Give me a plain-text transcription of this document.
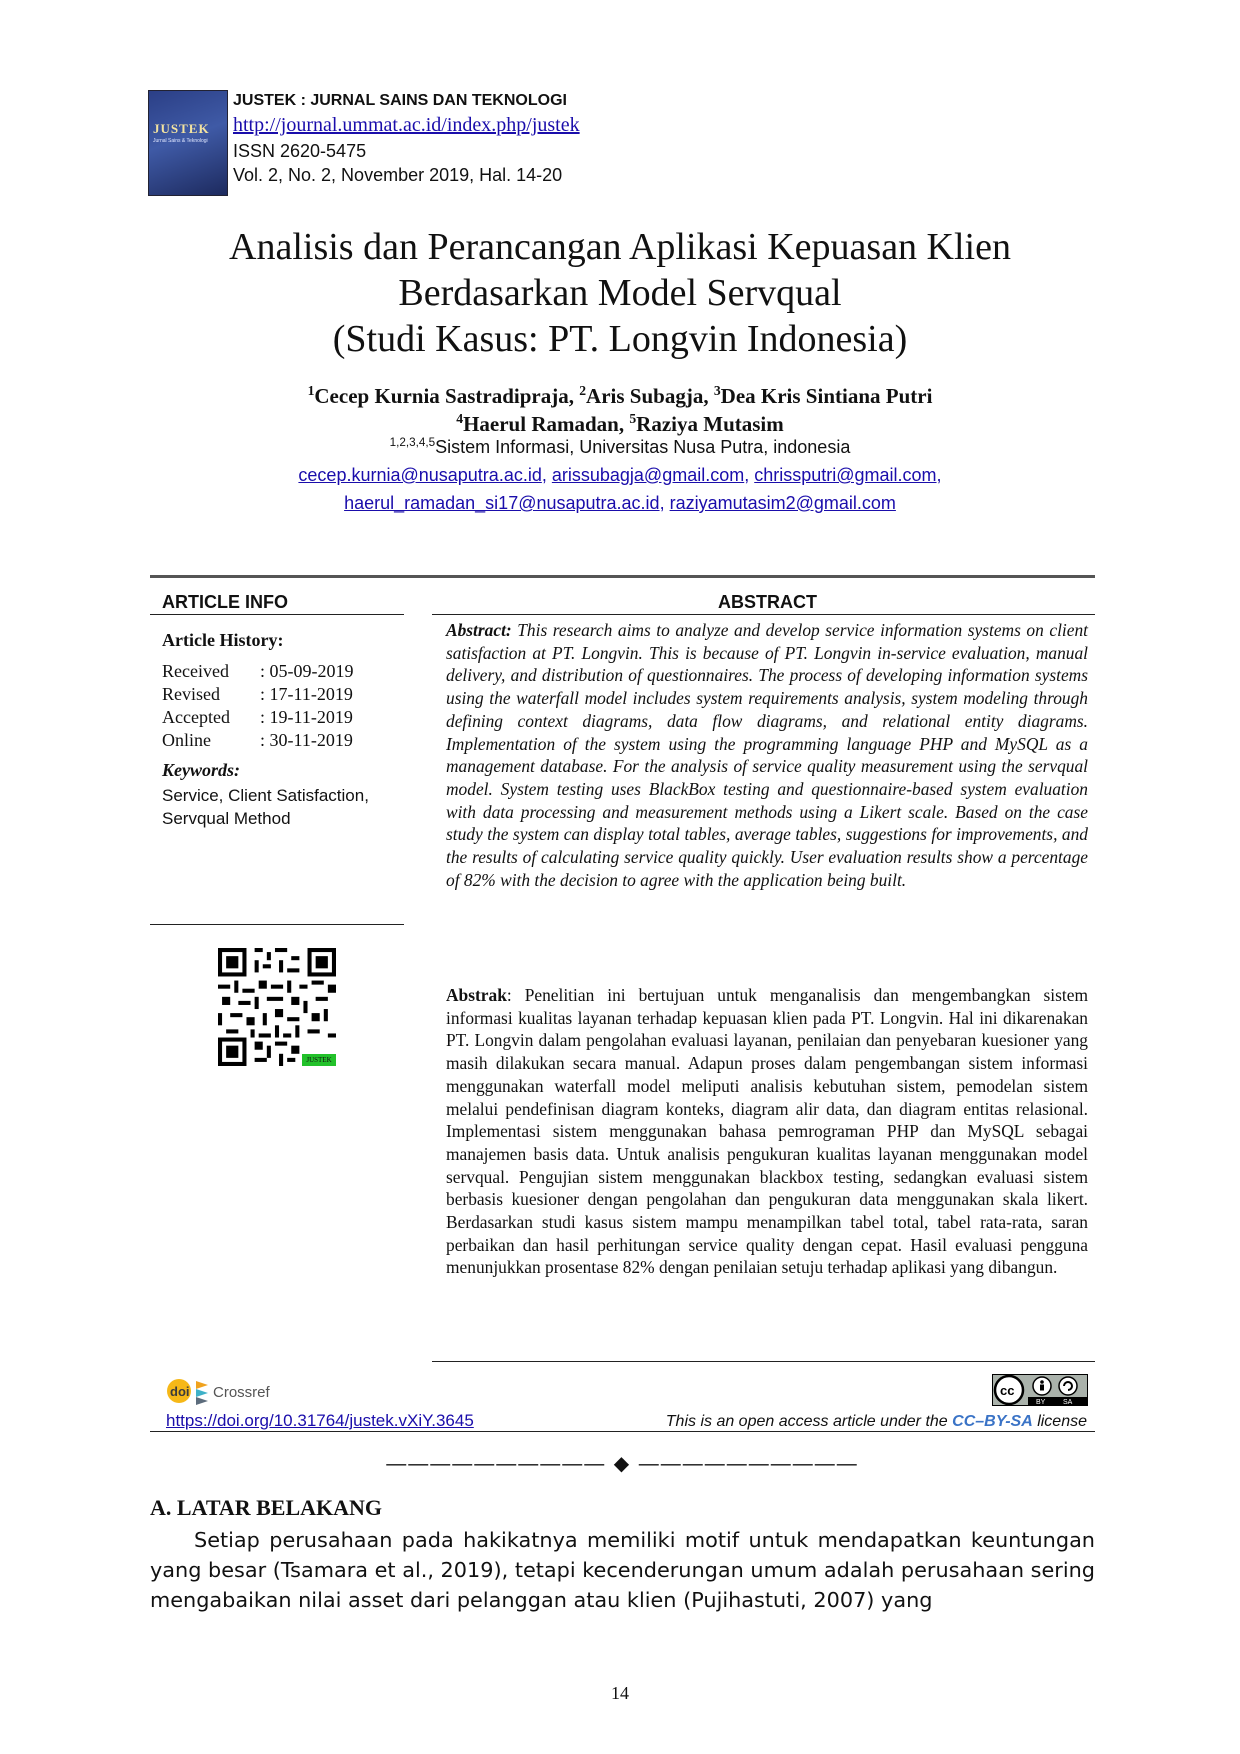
JUSTEK
Jurnal Sains & Teknologi
JUSTEK : JURNAL SAINS DAN TEKNOLOGI
http://journal.ummat.ac.id/index.php/justek
ISSN 2620-5475
Vol. 2, No. 2, November 2019, Hal. 14-20
Analisis dan Perancangan Aplikasi Kepuasan Klien
Berdasarkan Model Servqual
(Studi Kasus: PT. Longvin Indonesia)
$^1$Cecep Kurnia Sastradipraja, $^2$Aris Subagja, $^3$Dea Kris Sintiana Putri
$^4$Haerul Ramadan, $^5$Raziya Mutasim
$^{1,2,3,4,5}$Sistem Informasi, Universitas Nusa Putra, indonesia
cecep.kurnia@nusaputra.ac.id, arissubagja@gmail.com, chrissputri@gmail.com,
haerul_ramadan_si17@nusaputra.ac.id, raziyamutasim2@gmail.com
ARTICLE INFO
Article History:
Received : 05-09-2019
Revised : 17-11-2019
Accepted : 19-11-2019
Online	: 30-11-2019
Keywords:
Service, Client Satisfaction, Servqual Method
JUSTEK
ABSTRACT
Abstract: This research aims to analyze and develop service information systems on client satisfaction at PT. Longvin. This is because of PT. Longvin in-service evaluation, manual delivery, and distribution of questionnaires. The process of developing information systems using the waterfall model includes system requirements analysis, system modeling through defining context diagrams, data flow diagrams, and relational entity diagrams. Implementation of the system using the programming language PHP and MySQL as a management database. For the analysis of service quality measurement using the servqual model. System testing uses BlackBox testing and questionnaire-based system evaluation with data processing and measurement methods using a Likert scale. Based on the case study the system can display total tables, average tables, suggestions for improvements, and the results of calculating service quality quickly. User evaluation results show a percentage of 82% with the decision to agree with the application being built.
Abstrak: Penelitian ini bertujuan untuk menganalisis dan mengembangkan sistem informasi kualitas layanan terhadap kepuasan klien pada PT. Longvin. Hal ini dikarenakan PT. Longvin dalam pengolahan evaluasi layanan, penilaian dan penyebaran kuesioner yang masih dilakukan secara manual. Adapun proses dalam pengembangan sistem informasi menggunakan waterfall model meliputi analisis kebutuhan sistem, pemodelan sistem melalui pendefinisan diagram konteks, diagram alir data, dan diagram entitas relasional. Implementasi sistem menggunakan bahasa pemrograman PHP dan MySQL sebagai manajemen basis data. Untuk analisis pengukuran kualitas layanan menggunakan model servqual. Pengujian sistem menggunakan blackbox testing, sedangkan evaluasi sistem berbasis kuesioner dengan pengolahan dan pengukuran data menggunakan skala likert. Berdasarkan studi kasus sistem mampu menampilkan tabel total, tabel rata-rata, saran perbaikan dan hasil perhitungan service quality dengan cepat. Hasil evaluasi pengguna menunjukkan prosentase 82% dengan penilaian setuju terhadap aplikasi yang dibangun.
doi Crossref
https://doi.org/10.31764/justek.vXiY.3645
cc
BY	SA
This is an open access article under the CC–BY-SA license
—————————— ◆ ——————————
A. LATAR BELAKANG
Setiap perusahaan pada hakikatnya memiliki motif untuk mendapatkan keuntungan yang besar (Tsamara et al., 2019), tetapi kecenderungan umum adalah perusahaan sering mengabaikan nilai asset dari pelanggan atau klien (Pujihastuti, 2007) yang
14
